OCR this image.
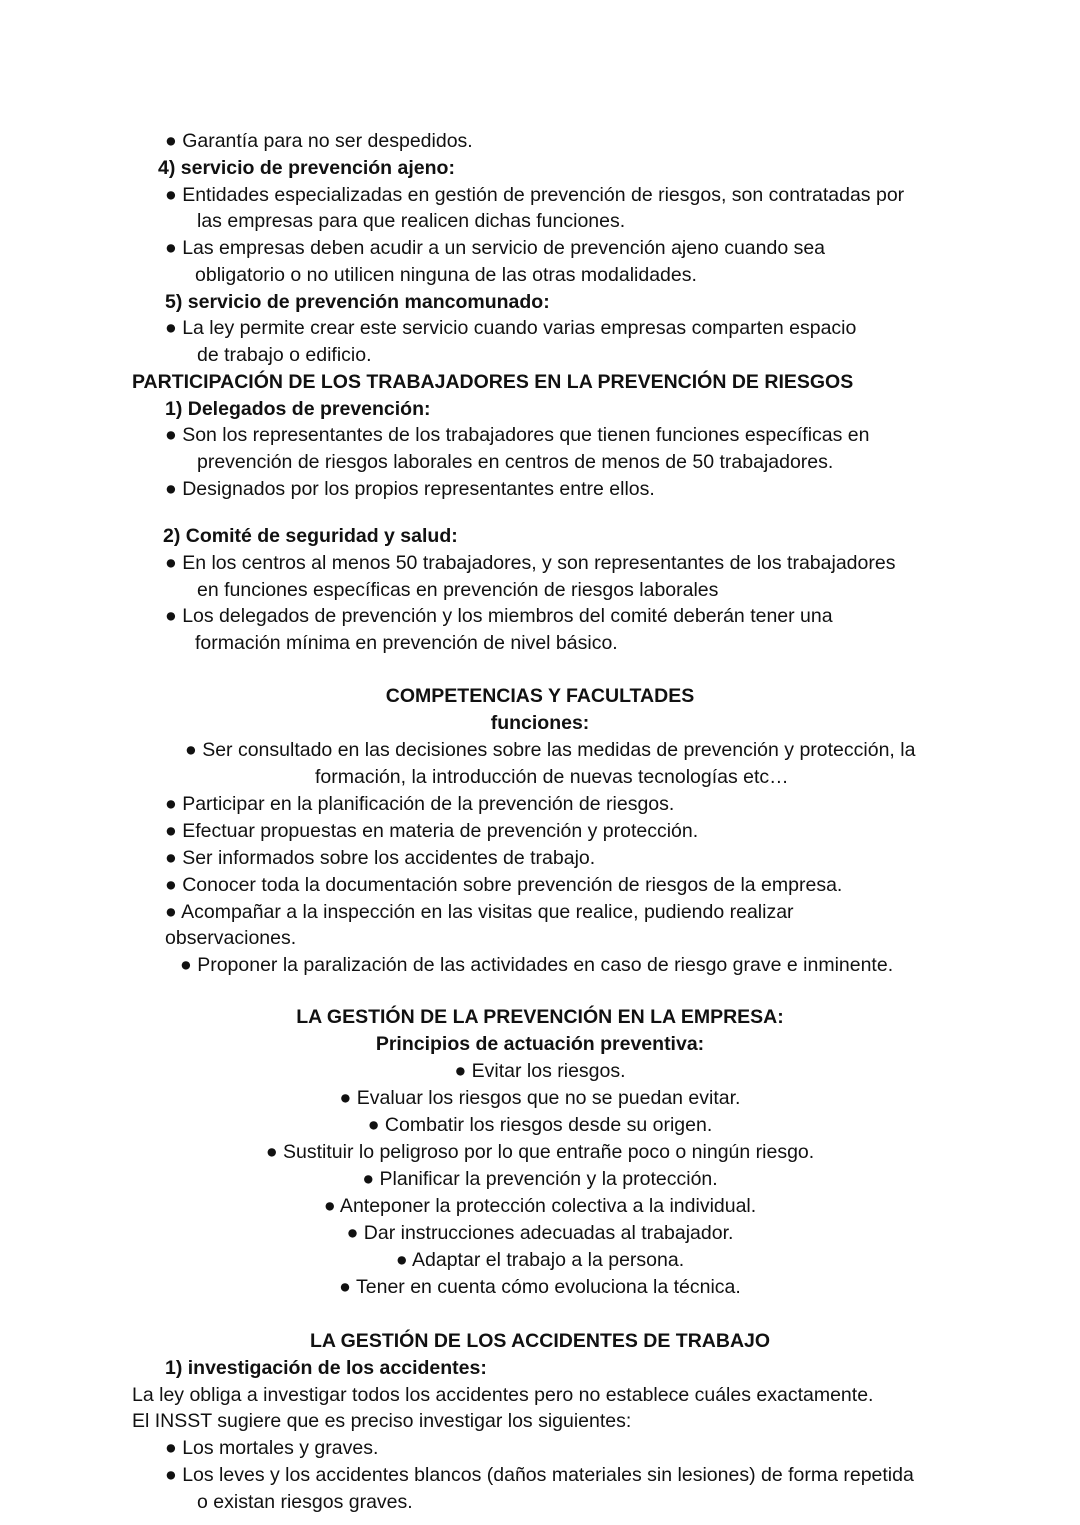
● Garantía para no ser despedidos.
4) servicio de prevención ajeno:
● Entidades especializadas en gestión de prevención de riesgos, son contratadas por
las empresas para que realicen dichas funciones.
● Las empresas deben acudir a un servicio de prevención ajeno cuando sea
obligatorio o no utilicen ninguna de las otras modalidades.
5) servicio de prevención mancomunado:
● La ley permite crear este servicio cuando varias empresas comparten espacio
de trabajo o edificio.
PARTICIPACIÓN DE LOS TRABAJADORES EN LA PREVENCIÓN DE RIESGOS
1) Delegados de prevención:
● Son los representantes de los trabajadores que tienen funciones específicas en
prevención de riesgos laborales en centros de menos de 50 trabajadores.
● Designados por los propios representantes entre ellos.
2) Comité de seguridad y salud:
● En los centros al menos 50 trabajadores, y son representantes de los trabajadores
en funciones específicas en prevención de riesgos laborales
● Los delegados de prevención y los miembros del comité deberán tener una
formación mínima en prevención de nivel básico.
COMPETENCIAS Y FACULTADES
funciones:
● Ser consultado en las decisiones sobre las medidas de prevención y protección, la
formación, la introducción de nuevas tecnologías etc…
● Participar en la planificación de la prevención de riesgos.
● Efectuar propuestas en materia de prevención y protección.
● Ser informados sobre los accidentes de trabajo.
● Conocer toda la documentación sobre prevención de riesgos de la empresa.
● Acompañar a la inspección en las visitas que realice, pudiendo realizar
observaciones.
● Proponer la paralización de las actividades en caso de riesgo grave e inminente.
LA GESTIÓN DE LA PREVENCIÓN EN LA EMPRESA:
Principios de actuación preventiva:
● Evitar los riesgos.
● Evaluar los riesgos que no se puedan evitar.
● Combatir los riesgos desde su origen.
● Sustituir lo peligroso por lo que entrañe poco o ningún riesgo.
● Planificar la prevención y la protección.
● Anteponer la protección colectiva a la individual.
● Dar instrucciones adecuadas al trabajador.
● Adaptar el trabajo a la persona.
● Tener en cuenta cómo evoluciona la técnica.
LA GESTIÓN DE LOS ACCIDENTES DE TRABAJO
1) investigación de los accidentes:
La ley obliga a investigar todos los accidentes pero no establece cuáles exactamente.
El INSST sugiere que es preciso investigar los siguientes:
● Los mortales y graves.
● Los leves y los accidentes blancos (daños materiales sin lesiones) de forma repetida
o existan riesgos graves.
